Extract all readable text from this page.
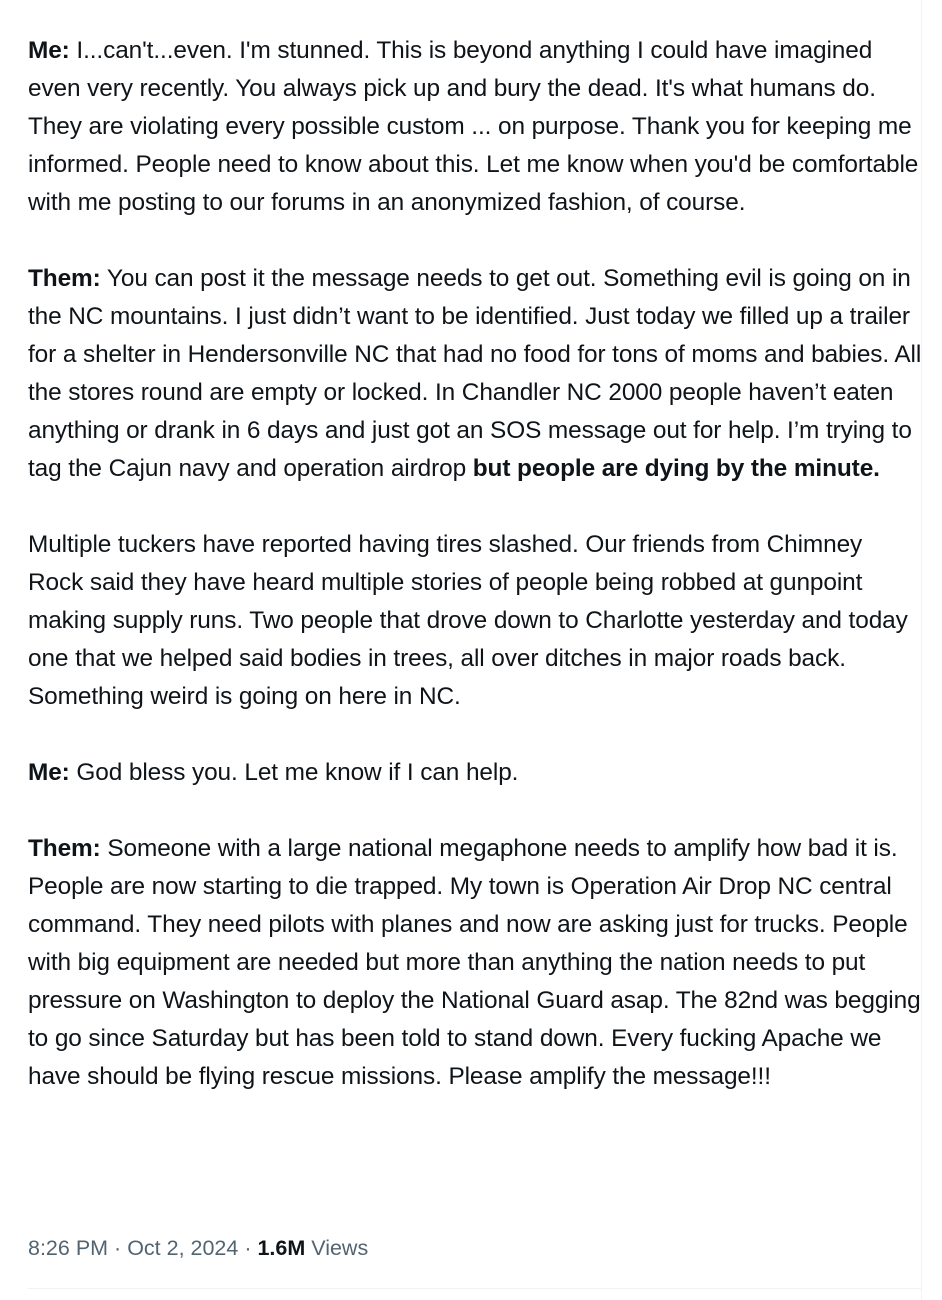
Me: I...can't...even. I'm stunned. This is beyond anything I could have imagined even very recently. You always pick up and bury the dead. It's what humans do. They are violating every possible custom ... on purpose. Thank you for keeping me informed. People need to know about this. Let me know when you'd be comfortable with me posting to our forums in an anonymized fashion, of course.

Them: You can post it the message needs to get out. Something evil is going on in the NC mountains. I just didn’t want to be identified. Just today we filled up a trailer for a shelter in Hendersonville NC that had no food for tons of moms and babies. All the stores round are empty or locked. In Chandler NC 2000 people haven’t eaten anything or drank in 6 days and just got an SOS message out for help. I’m trying to tag the Cajun navy and operation airdrop but people are dying by the minute.

Multiple tuckers have reported having tires slashed. Our friends from Chimney Rock said they have heard multiple stories of people being robbed at gunpoint making supply runs. Two people that drove down to Charlotte yesterday and today one that we helped said bodies in trees, all over ditches in major roads back. Something weird is going on here in NC.

Me: God bless you. Let me know if I can help.

Them: Someone with a large national megaphone needs to amplify how bad it is. People are now starting to die trapped. My town is Operation Air Drop NC central command. They need pilots with planes and now are asking just for trucks. People with big equipment are needed but more than anything the nation needs to put pressure on Washington to deploy the National Guard asap. The 82nd was begging to go since Saturday but has been told to stand down. Every fucking Apache we have should be flying rescue missions. Please amplify the message!!!

8:26 PM · Oct 2, 2024 · 1.6M Views
